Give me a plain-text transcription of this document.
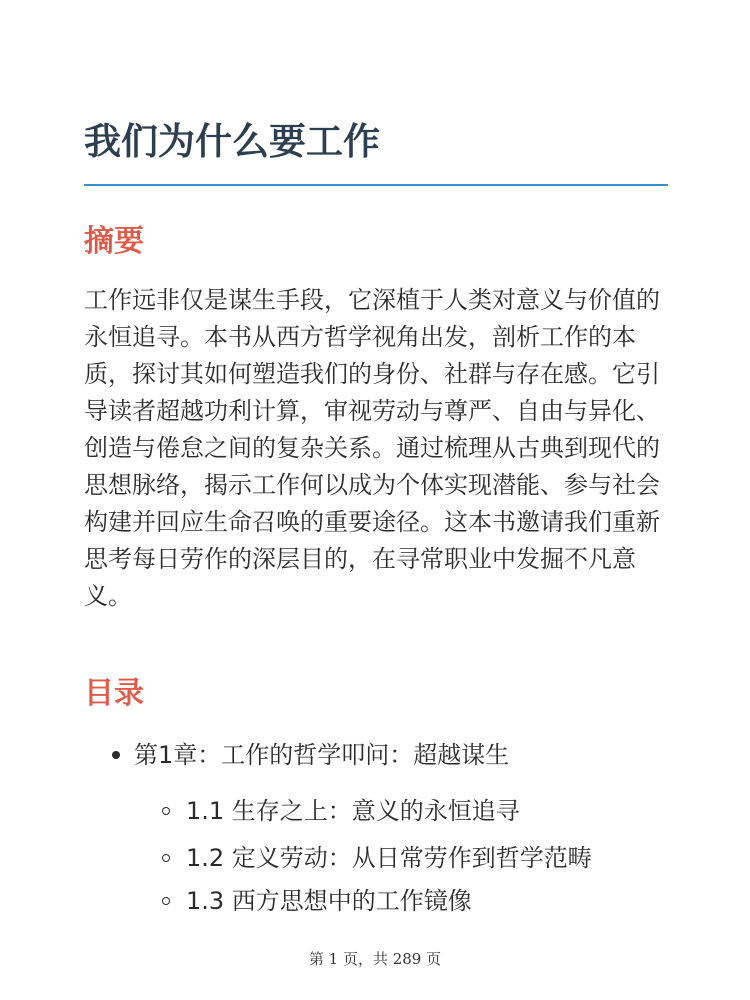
我们为什么要工作
摘要

工作远非仅是谋生手段，它深植于人类对意义与价值的永恒追寻。本书从西方哲学视角出发，剖析工作的本质，探讨其如何塑造我们的身份、社群与存在感。它引导读者超越功利计算，审视劳动与尊严、自由与异化、创造与倦怠之间的复杂关系。通过梳理从古典到现代的思想脉络，揭示工作何以成为个体实现潜能、参与社会构建并回应生命召唤的重要途径。这本书邀请我们重新思考每日劳作的深层目的，在寻常职业中发掘不凡意义。

目录
第1章：工作的哲学叩问：超越谋生
1.1 生存之上：意义的永恒追寻
1.2 定义劳动：从日常劳作到哲学范畴
1.3 西方思想中的工作镜像
第 1 页，共 289 页
